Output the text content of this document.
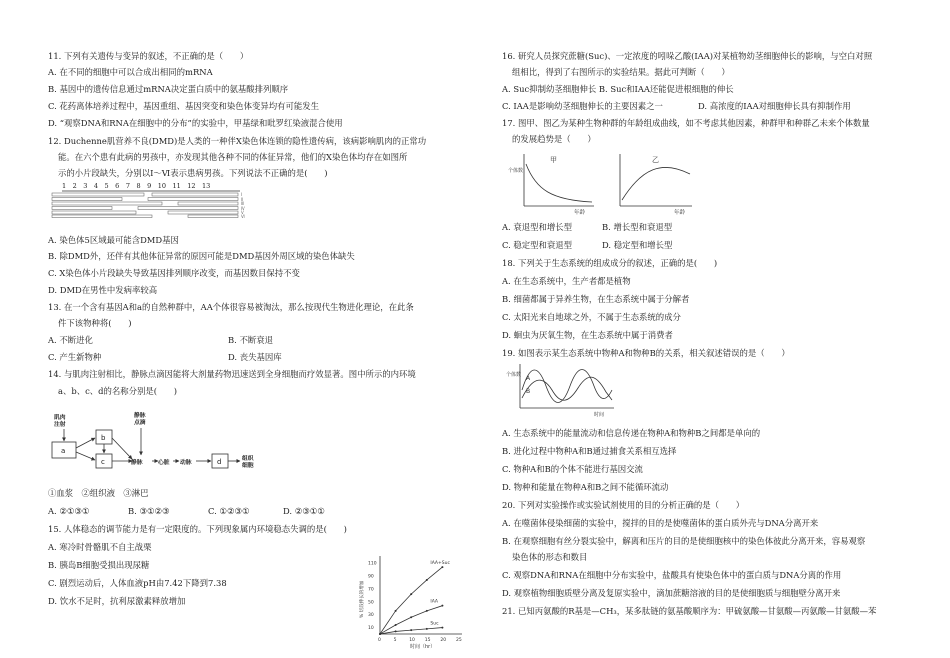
11. 下列有关遗传与变异的叙述，不正确的是（　　）
A. 在不同的细胞中可以合成出相同的mRNA
B. 基因中的遗传信息通过mRNA决定蛋白质中的氨基酸排列顺序
C. 花药离体培养过程中，基因重组、基因突变和染色体变异均有可能发生
D. “观察DNA和RNA在细胞中的分布”的实验中，甲基绿和吡罗红染液混合使用
12. Duchenne肌营养不良(DMD)是人类的一种伴X染色体连锁的隐性遗传病，该病影响肌肉的正常功
能。在六个患有此病的男孩中，亦发现其他各种不同的体征异常，他们的X染色体均存在如图所
示的小片段缺失，分别以Ⅰ～Ⅵ表示患病男孩。下列说法不正确的是(　　)
1　2　3　4　5　6　7　8　9　10　11　12　13
Ⅰ
Ⅱ
Ⅲ
Ⅳ
Ⅴ
Ⅵ
A. 染色体5区域最可能含DMD基因
B. 除DMD外，还伴有其他体征异常的原因可能是DMD基因外周区域的染色体缺失
C. X染色体小片段缺失导致基因排列顺序改变，而基因数目保持不变
D. DMD在男性中发病率较高
13. 在一个含有基因A和a的自然种群中，AA个体很容易被淘汰，那么按现代生物进化理论，在此条
件下该物种将(　　)
A. 不断进化	B. 不断衰退
C. 产生新物种	D. 丧失基因库
14. 与肌肉注射相比，静脉点滴因能将大剂量药物迅速送到全身细胞而疗效显著。图中所示的内环境
a、b、c、d的名称分别是(　　)
肌肉
注射
静脉
点滴
静脉	心脏 动脉
组织
细胞
a
b
c	d
①血浆　②组织液　③淋巴
A. ②①③①	B. ③①②③	C. ①②③①	D. ②③①①
15. 人体稳态的调节能力是有一定限度的。下列现象属内环境稳态失调的是(　　)
A. 寒冷时骨骼肌不自主战栗
B. 胰岛B细胞受损出现尿糖
C. 剧烈运动后，人体血液pH由7.42下降到7.38
D. 饮水不足时，抗利尿激素释放增加
110
90
70
50
30
10
0	5	10 15 20 25
IAA+Suc
IAA
Suc
% 切段伸长的增加
时间（hr）
16. 研究人员探究蔗糖(Suc)、一定浓度的吲哚乙酸(IAA)对某植物幼茎细胞伸长的影响，与空白对照
组相比，得到了右图所示的实验结果。据此可判断（　　）
A. Suc抑制幼茎细胞伸长 B. Suc和IAA还能促进根细胞的伸长
C. IAA是影响幼茎细胞伸长的主要因素之一	D. 高浓度的IAA对细胞伸长具有抑制作用
17. 图甲、图乙为某种生物种群的年龄组成曲线，如不考虑其他因素，种群甲和种群乙未来个体数量
的发展趋势是（　　）
甲	乙
个体数
年龄	年龄
A. 衰退型和增长型	B. 增长型和衰退型
C. 稳定型和衰退型	D. 稳定型和增长型
18. 下列关于生态系统的组成成分的叙述，正确的是(　　)
A. 在生态系统中，生产者都是植物
B. 细菌都属于异养生物，在生态系统中属于分解者
C. 太阳光来自地球之外，不属于生态系统的成分
D. 蛔虫为厌氧生物，在生态系统中属于消费者
19. 如图表示某生态系统中物种A和物种B的关系，相关叙述错误的是（　　）
个体数 A
B
时间
A. 生态系统中的能量流动和信息传递在物种A和物种B之间都是单向的
B. 进化过程中物种A和B通过捕食关系相互选择
C. 物种A和B的个体不能进行基因交流
D. 物种和能量在物种A和B之间不能循环流动
20. 下列对实验操作或实验试剂使用的目的分析正确的是（　　）
A. 在噬菌体侵染细菌的实验中，搅拌的目的是使噬菌体的蛋白质外壳与DNA分离开来
B. 在观察细胞有丝分裂实验中，解离和压片的目的是使细胞核中的染色体彼此分离开来，容易观察
染色体的形态和数目
C. 观察DNA和RNA在细胞中分布实验中，盐酸具有使染色体中的蛋白质与DNA分离的作用
D. 观察植物细胞质壁分离及复原实验中，滴加蔗糖溶液的目的是使细胞质与细胞壁分离开来
21. 已知丙氨酸的R基是—CH₃，某多肽链的氨基酸顺序为：甲硫氨酸—甘氨酸—丙氨酸—甘氨酸—苯
